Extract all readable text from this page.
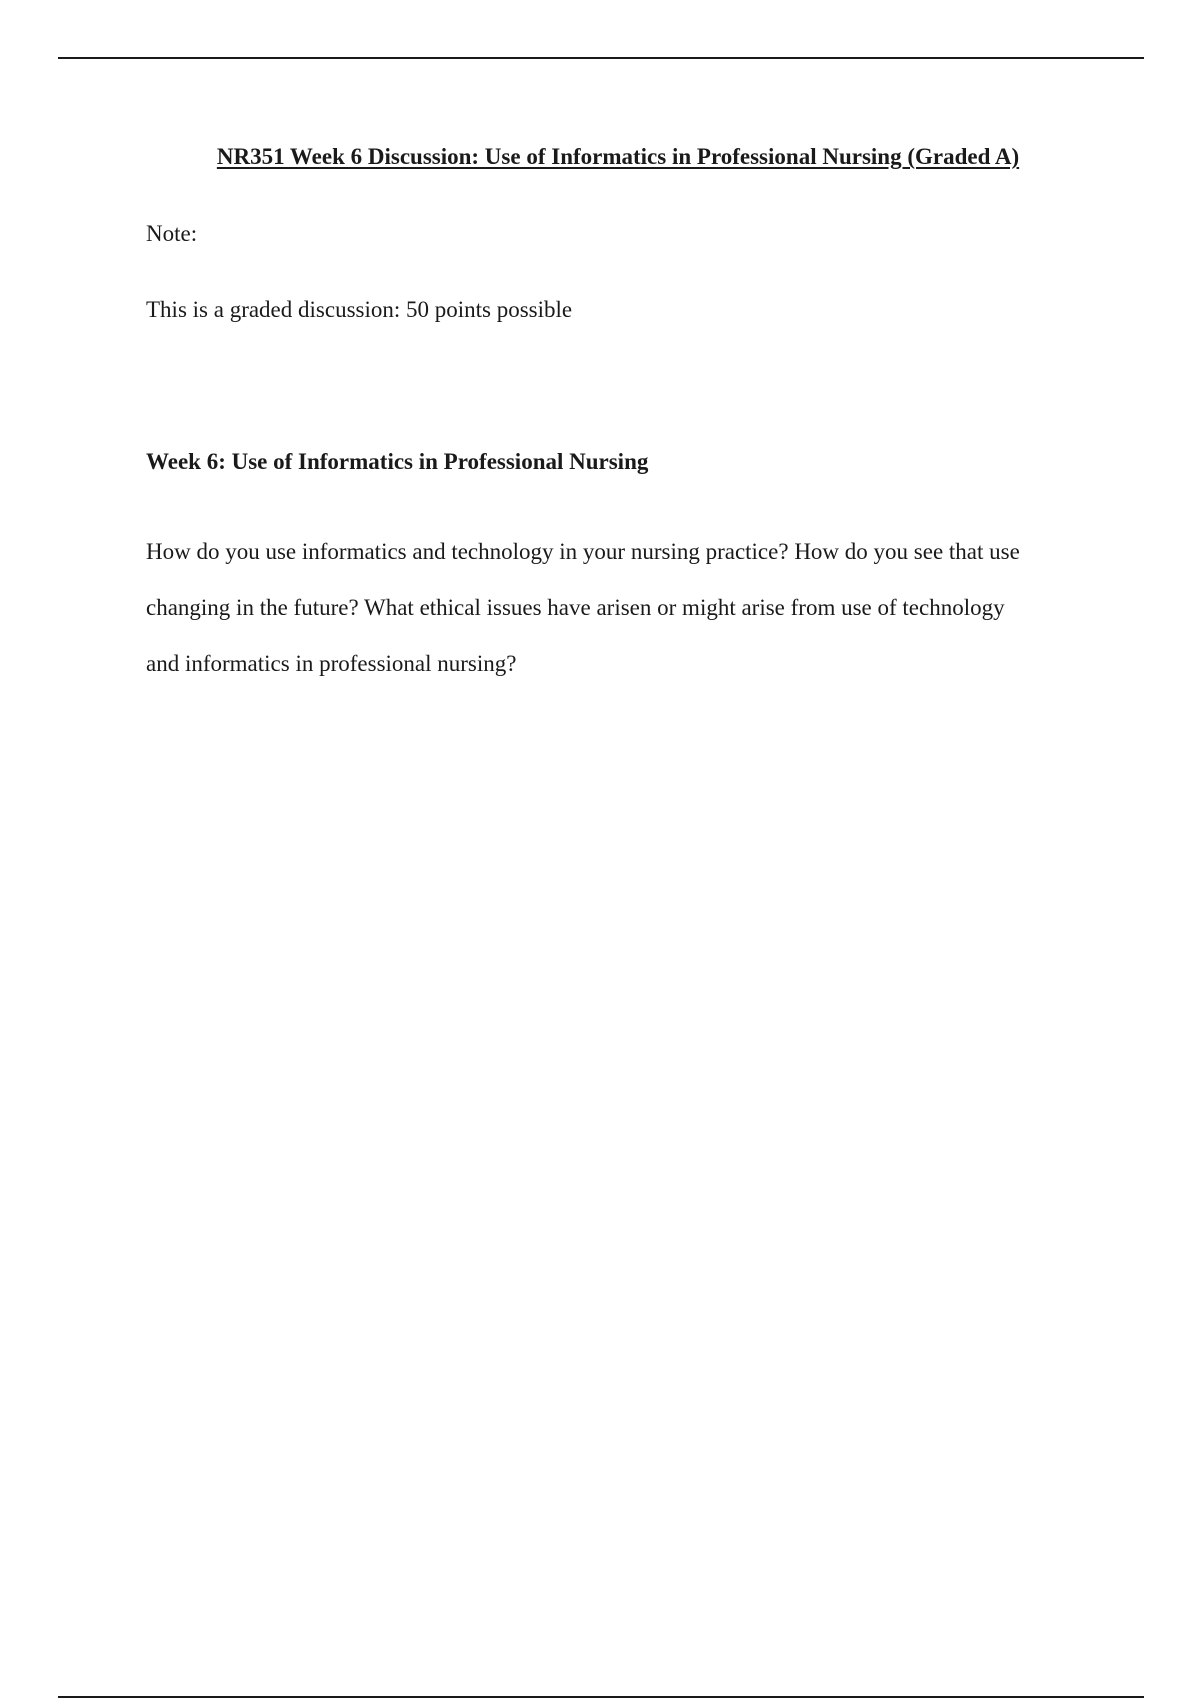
NR351 Week 6 Discussion: Use of Informatics in Professional Nursing (Graded A)
Note:
This is a graded discussion: 50 points possible
Week 6: Use of Informatics in Professional Nursing
How do you use informatics and technology in your nursing practice? How do you see that use
changing in the future? What ethical issues have arisen or might arise from use of technology
and informatics in professional nursing?
